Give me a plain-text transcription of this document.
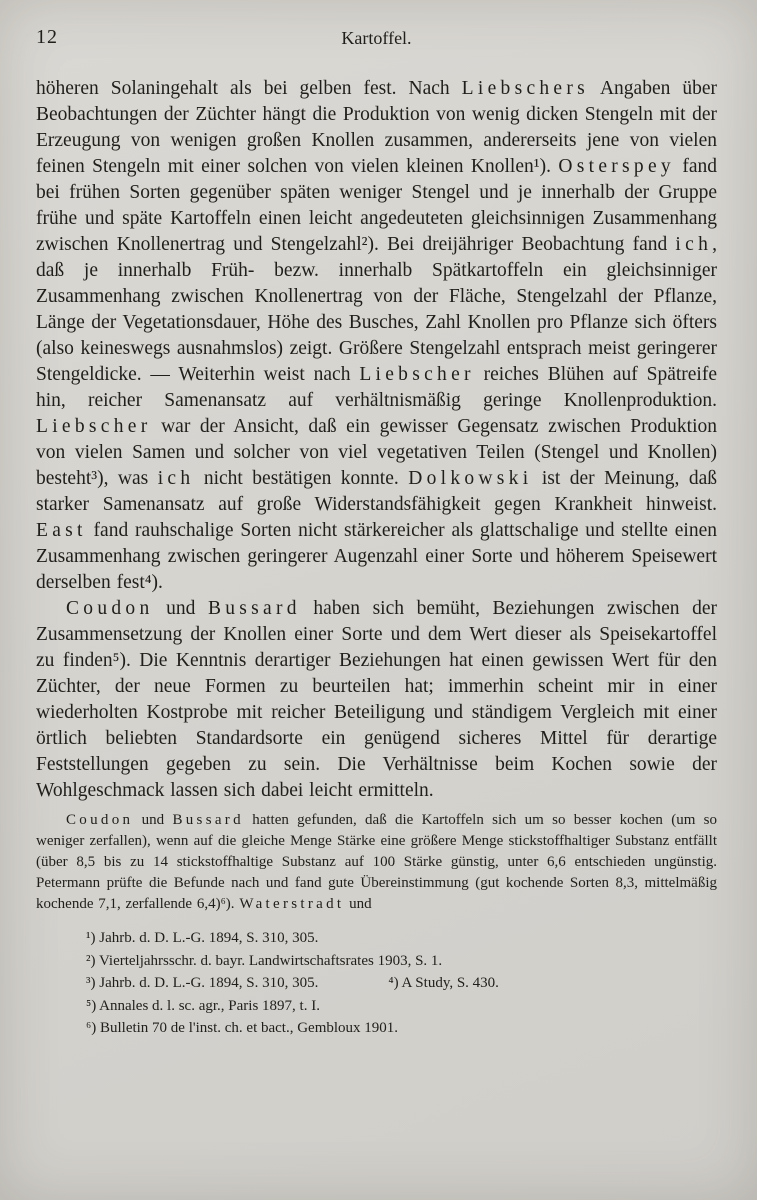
12	Kartoffel.

höheren Solaningehalt als bei gelben fest. Nach Liebschers Angaben über Beobachtungen der Züchter hängt die Produktion von wenig dicken Stengeln mit der Erzeugung von wenigen großen Knollen zusammen, andererseits jene von vielen feinen Stengeln mit einer solchen von vielen kleinen Knollen¹). Osterspey fand bei frühen Sorten gegenüber späten weniger Stengel und je innerhalb der Gruppe frühe und späte Kartoffeln einen leicht angedeuteten gleichsinnigen Zusammenhang zwischen Knollenertrag und Stengelzahl²). Bei dreijähriger Beobachtung fand ich, daß je innerhalb Früh- bezw. innerhalb Spätkartoffeln ein gleichsinniger Zusammenhang zwischen Knollenertrag von der Fläche, Stengelzahl der Pflanze, Länge der Vegetationsdauer, Höhe des Busches, Zahl Knollen pro Pflanze sich öfters (also keineswegs ausnahmslos) zeigt. Größere Stengelzahl entsprach meist geringerer Stengeldicke. — Weiterhin weist nach Liebscher reiches Blühen auf Spätreife hin, reicher Samenansatz auf verhältnismäßig geringe Knollenproduktion. Liebscher war der Ansicht, daß ein gewisser Gegensatz zwischen Produktion von vielen Samen und solcher von viel vegetativen Teilen (Stengel und Knollen) besteht³), was ich nicht bestätigen konnte. Dolkowski ist der Meinung, daß starker Samenansatz auf große Widerstandsfähigkeit gegen Krankheit hinweist. East fand rauhschalige Sorten nicht stärkereicher als glattschalige und stellte einen Zusammenhang zwischen geringerer Augenzahl einer Sorte und höherem Speisewert derselben fest⁴).

Coudon und Bussard haben sich bemüht, Beziehungen zwischen der Zusammensetzung der Knollen einer Sorte und dem Wert dieser als Speisekartoffel zu finden⁵). Die Kenntnis derartiger Beziehungen hat einen gewissen Wert für den Züchter, der neue Formen zu beurteilen hat; immerhin scheint mir in einer wiederholten Kostprobe mit reicher Beteiligung und ständigem Vergleich mit einer örtlich beliebten Standardsorte ein genügend sicheres Mittel für derartige Feststellungen gegeben zu sein. Die Verhältnisse beim Kochen sowie der Wohlgeschmack lassen sich dabei leicht ermitteln.

Coudon und Bussard hatten gefunden, daß die Kartoffeln sich um so besser kochen (um so weniger zerfallen), wenn auf die gleiche Menge Stärke eine größere Menge stickstoffhaltiger Substanz entfällt (über 8,5 bis zu 14 stickstoffhaltige Substanz auf 100 Stärke günstig, unter 6,6 entschieden ungünstig. Petermann prüfte die Befunde nach und fand gute Übereinstimmung (gut kochende Sorten 8,3, mittelmäßig kochende 7,1, zerfallende 6,4)⁶). Waterstradt und

¹) Jahrb. d. D. L.-G. 1894, S. 310, 305.
²) Vierteljahrsschr. d. bayr. Landwirtschaftsrates 1903, S. 1.
³) Jahrb. d. D. L.-G. 1894, S. 310, 305.	⁴) A Study, S. 430.
⁵) Annales d. l. sc. agr., Paris 1897, t. I.
⁶) Bulletin 70 de l'inst. ch. et bact., Gembloux 1901.
